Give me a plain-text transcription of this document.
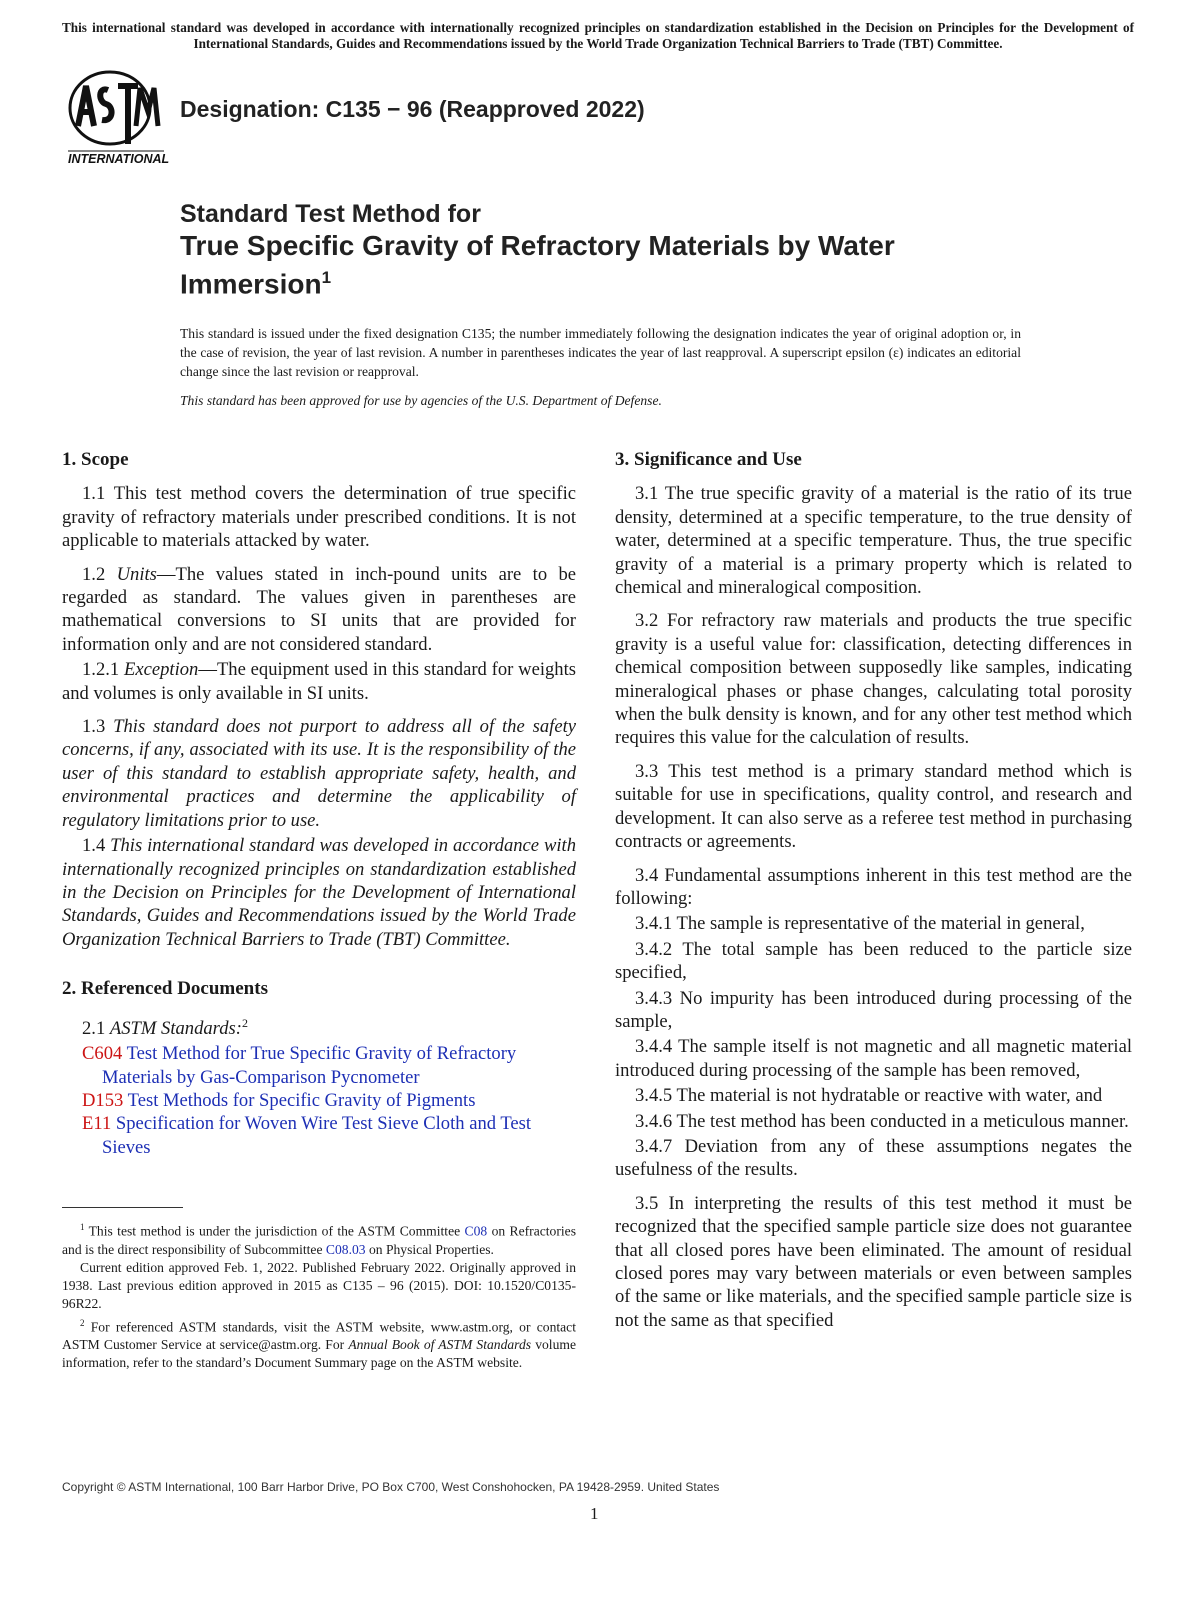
This international standard was developed in accordance with internationally recognized principles on standardization established in the Decision on Principles for the Development of International Standards, Guides and Recommendations issued by the World Trade Organization Technical Barriers to Trade (TBT) Committee.
INTERNATIONAL
Designation: C135 − 96 (Reapproved 2022)
Standard Test Method for
True Specific Gravity of Refractory Materials by Water Immersion$^1$
This standard is issued under the fixed designation C135; the number immediately following the designation indicates the year of original adoption or, in the case of revision, the year of last revision. A number in parentheses indicates the year of last reapproval. A superscript epsilon (ε) indicates an editorial change since the last revision or reapproval.
This standard has been approved for use by agencies of the U.S. Department of Defense.
1. Scope

1.1 This test method covers the determination of true specific gravity of refractory materials under prescribed conditions. It is not applicable to materials attacked by water.

1.2 Units—The values stated in inch-pound units are to be regarded as standard. The values given in parentheses are mathematical conversions to SI units that are provided for information only and are not considered standard.

1.2.1 Exception—The equipment used in this standard for weights and volumes is only available in SI units.

1.3 This standard does not purport to address all of the safety concerns, if any, associated with its use. It is the responsibility of the user of this standard to establish appropriate safety, health, and environmental practices and determine the applicability of regulatory limitations prior to use.

1.4 This international standard was developed in accordance with internationally recognized principles on standardization established in the Decision on Principles for the Development of International Standards, Guides and Recommendations issued by the World Trade Organization Technical Barriers to Trade (TBT) Committee.

2. Referenced Documents

2.1 ASTM Standards:$^2$

C604 Test Method for True Specific Gravity of Refractory Materials by Gas-Comparison Pycnometer

D153 Test Methods for Specific Gravity of Pigments

E11 Specification for Woven Wire Test Sieve Cloth and Test Sieves

3. Significance and Use

3.1 The true specific gravity of a material is the ratio of its true density, determined at a specific temperature, to the true density of water, determined at a specific temperature. Thus, the true specific gravity of a material is a primary property which is related to chemical and mineralogical composition.

3.2 For refractory raw materials and products the true specific gravity is a useful value for: classification, detecting differences in chemical composition between supposedly like samples, indicating mineralogical phases or phase changes, calculating total porosity when the bulk density is known, and for any other test method which requires this value for the calculation of results.

3.3 This test method is a primary standard method which is suitable for use in specifications, quality control, and research and development. It can also serve as a referee test method in purchasing contracts or agreements.

3.4 Fundamental assumptions inherent in this test method are the following:

3.4.1 The sample is representative of the material in general,

3.4.2 The total sample has been reduced to the particle size specified,

3.4.3 No impurity has been introduced during processing of the sample,

3.4.4 The sample itself is not magnetic and all magnetic material introduced during processing of the sample has been removed,

3.4.5 The material is not hydratable or reactive with water, and

3.4.6 The test method has been conducted in a meticulous manner.

3.4.7 Deviation from any of these assumptions negates the usefulness of the results.

3.5 In interpreting the results of this test method it must be recognized that the specified sample particle size does not guarantee that all closed pores have been eliminated. The amount of residual closed pores may vary between materials or even between samples of the same or like materials, and the specified sample particle size is not the same as that specified

$^1$ This test method is under the jurisdiction of the ASTM Committee C08 on Refractories and is the direct responsibility of Subcommittee C08.03 on Physical Properties.

Current edition approved Feb. 1, 2022. Published February 2022. Originally approved in 1938. Last previous edition approved in 2015 as C135 – 96 (2015). DOI: 10.1520/C0135-96R22.

$^2$ For referenced ASTM standards, visit the ASTM website, www.astm.org, or contact ASTM Customer Service at service@astm.org. For Annual Book of ASTM Standards volume information, refer to the standard’s Document Summary page on the ASTM website.

Copyright © ASTM International, 100 Barr Harbor Drive, PO Box C700, West Conshohocken, PA 19428-2959. United States
1
